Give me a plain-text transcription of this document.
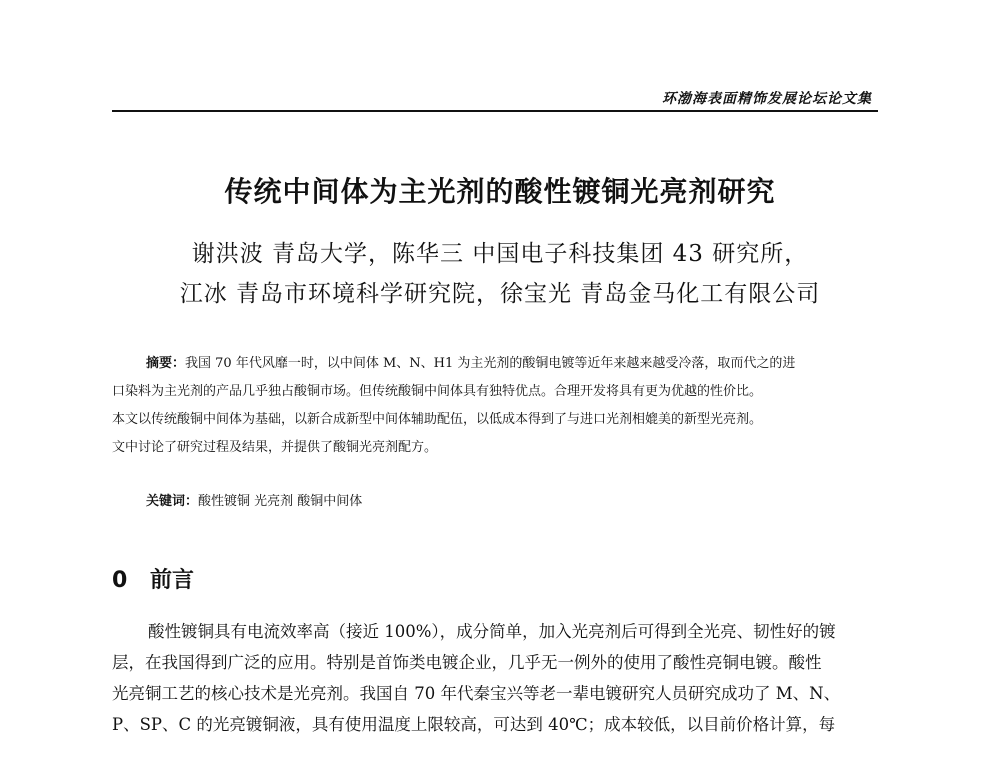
环渤海表面精饰发展论坛论文集
传统中间体为主光剂的酸性镀铜光亮剂研究
谢洪波 青岛大学，陈华三 中国电子科技集团 43 研究所，
江冰 青岛市环境科学研究院，徐宝光 青岛金马化工有限公司

摘要：我国 70 年代风靡一时，以中间体 M、N、H1 为主光剂的酸铜电镀等近年来越来越受冷落，取而代之的进

口染料为主光剂的产品几乎独占酸铜市场。但传统酸铜中间体具有独特优点。合理开发将具有更为优越的性价比。

本文以传统酸铜中间体为基础，以新合成新型中间体辅助配伍，以低成本得到了与进口光剂相媲美的新型光亮剂。

文中讨论了研究过程及结果，并提供了酸铜光亮剂配方。

关键词：酸性镀铜 光亮剂 酸铜中间体
0 前言

酸性镀铜具有电流效率高（接近 100%），成分简单，加入光亮剂后可得到全光亮、韧性好的镀

层，在我国得到广泛的应用。特别是首饰类电镀企业，几乎无一例外的使用了酸性亮铜电镀。酸性

光亮铜工艺的核心技术是光亮剂。我国自 70 年代秦宝兴等老一辈电镀研究人员研究成功了 M、N、

P、SP、C 的光亮镀铜液，具有使用温度上限较高，可达到 40℃；成本较低，以目前价格计算，每
